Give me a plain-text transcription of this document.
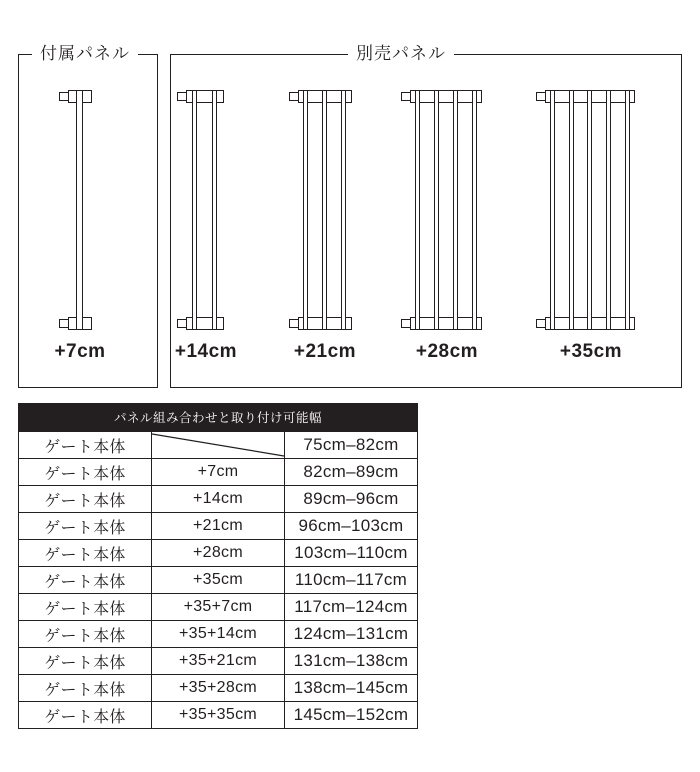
付属パネル	別売パネル
+7cm	+14cm	+21cm	+28cm	+35cm
パネル組み合わせと取り付け可能幅		
ゲート本体		75cm–82cm
ゲート本体	+7cm	82cm–89cm
ゲート本体	+14cm	89cm–96cm
ゲート本体	+21cm	96cm–103cm
ゲート本体	+28cm	103cm–110cm
ゲート本体	+35cm	110cm–117cm
ゲート本体	+35+7cm	117cm–124cm
ゲート本体	+35+14cm	124cm–131cm
ゲート本体	+35+21cm	131cm–138cm
ゲート本体	+35+28cm	138cm–145cm
ゲート本体	+35+35cm	145cm–152cm
